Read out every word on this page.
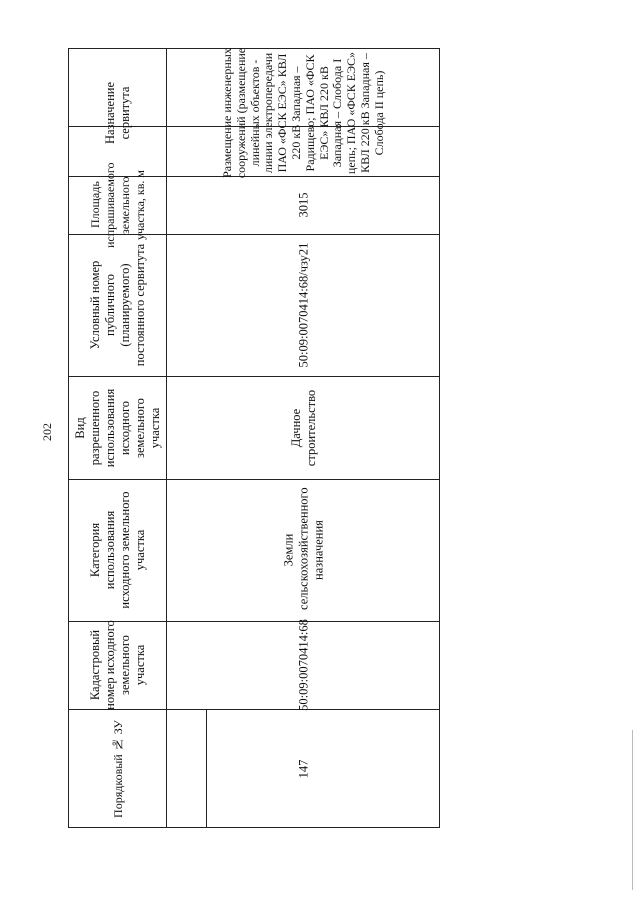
202
Порядковый № ЗУ	147
Кадастровый номер исходного земельного участка	50:09:0070414:68
Категория использования исходного земельного участка	Земли сельскохозяйственного назначения
Вид разрешенного использования исходного земельного участка	Дачное строительство
Условный номер публичного (планируемого) постоянного сервитута	50:09:0070414:68/чзу21
Площадь испрашиваемого земельного участка, кв. м	3015
Назначение сервитута	Размещение инженерных сооружений (размещение линейных объектов - линии электропередачи ПАО «ФСК ЕЭС» КВЛ 220 кВ Западная – Радищево; ПАО «ФСК ЕЭС» КВЛ 220 кВ Западная – Слобода I цепь; ПАО «ФСК ЕЭС» КВЛ 220 кВ Западная – Слобода II цепь)
